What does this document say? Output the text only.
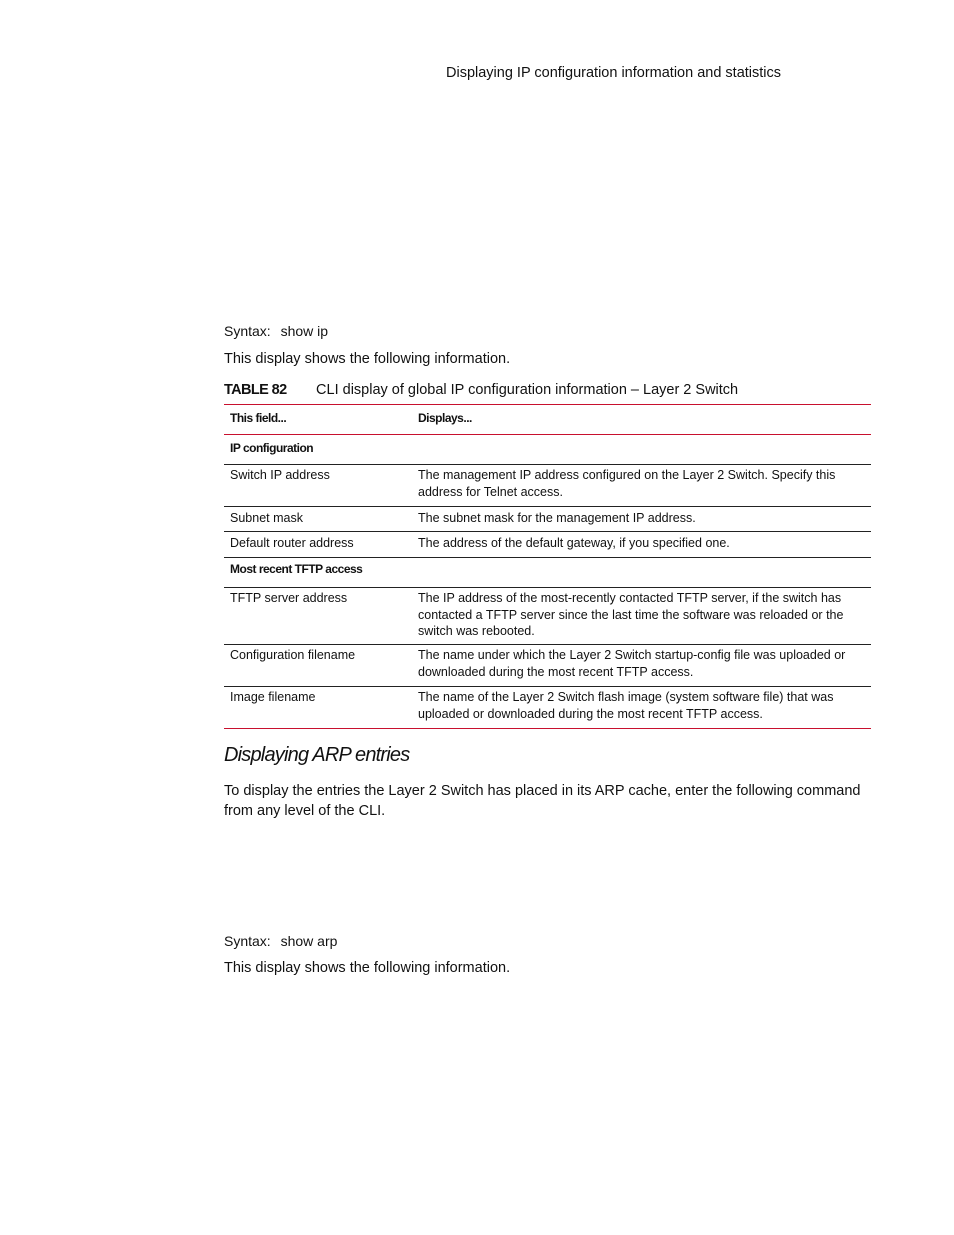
Displaying IP configuration information and statistics
Syntax: show ip
This display shows the following information.
TABLE 82 CLI display of global IP configuration information – Layer 2 Switch
This field...	Displays...
IP configuration	
Switch IP address	The management IP address configured on the Layer 2 Switch. Specify this address for Telnet access.
Subnet mask	The subnet mask for the management IP address.
Default router address	The address of the default gateway, if you specified one.
Most recent TFTP access	
TFTP server address	The IP address of the most-recently contacted TFTP server, if the switch has contacted a TFTP server since the last time the software was reloaded or the switch was rebooted.
Configuration filename	The name under which the Layer 2 Switch startup-config file was uploaded or downloaded during the most recent TFTP access.
Image filename	The name of the Layer 2 Switch flash image (system software file) that was uploaded or downloaded during the most recent TFTP access.
Displaying ARP entries
To display the entries the Layer 2 Switch has placed in its ARP cache, enter the following command from any level of the CLI.
Syntax: show arp
This display shows the following information.
